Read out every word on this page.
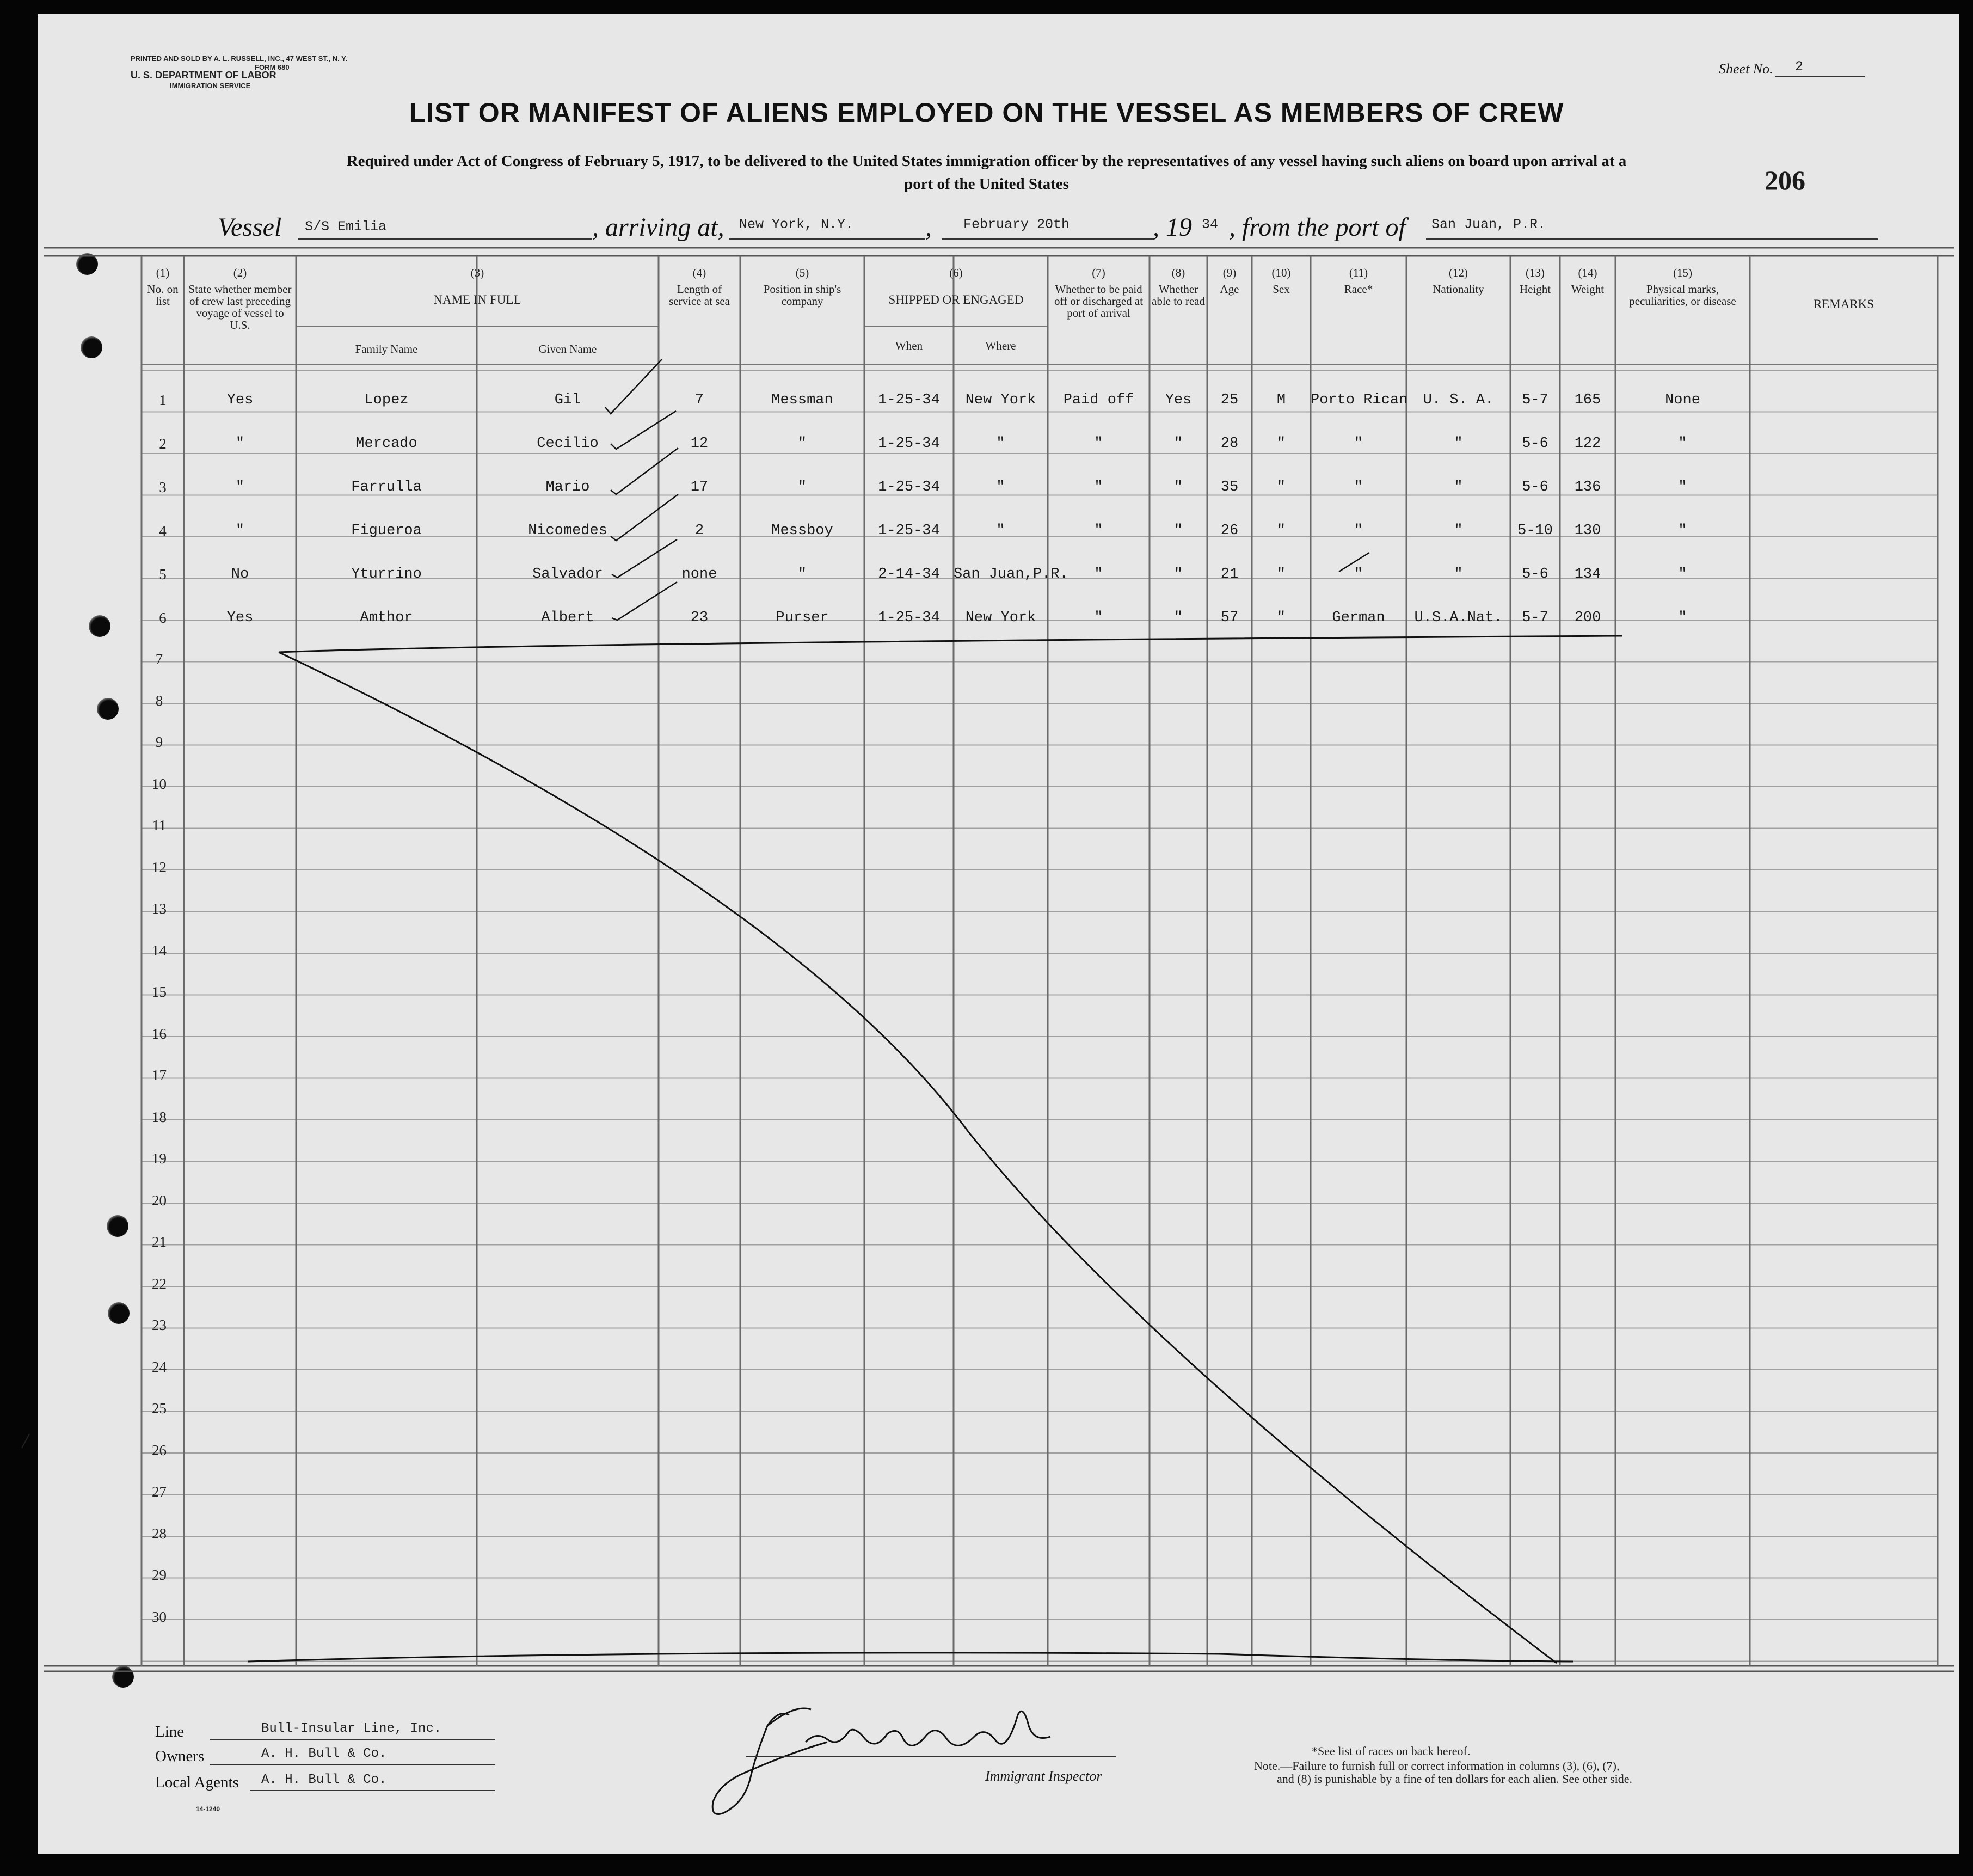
PRINTED AND SOLD BY A. L. RUSSELL, INC., 47 WEST ST., N. Y.
FORM 680
U. S. DEPARTMENT OF LABOR
IMMIGRATION SERVICE
Sheet No. 2
LIST OR MANIFEST OF ALIENS EMPLOYED ON THE VESSEL AS MEMBERS OF CREW
Required under Act of Congress of February 5, 1917, to be delivered to the United States immigration officer by the representatives of any vessel having such aliens on board upon arrival at a
port of the United States	206
Vessel S/S Emilia	, arriving at, New York, N.Y.	, February 20th	, 19 34 , from the port of San Juan, P.R.
(1)
No. on list
(2)
State whether member of crew last preceding voyage of vessel to U.S.
(3)
NAME IN FULL
(4)
Length of service at sea
(5)
Position in ship's company
(6)
SHIPPED OR ENGAGED
(7)
Whether to be paid off or discharged at port of arrival
(8)
Whether able to read
(9)
Age
(10)
Sex
(11)
Race*
(12)
Nationality
(13)
Height
(14)
Weight
(15)
Physical marks, peculiarities, or disease	REMARKS
Family Name	Given Name	When	Where
1	Yes	Lopez	Gil	7	Messman	1-25-34	New York	Paid off	Yes	25	M	Porto Rican	U. S. A.	5-7	165	None
2	"	Mercado	Cecilio	12	"	1-25-34	"	"	"	28	"	"	"	5-6	122	"
3	"	Farrulla	Mario	17	"	1-25-34	"	"	"	35	"	"	"	5-6	136	"
4	"	Figueroa	Nicomedes	2	Messboy	1-25-34	"	"	"	26	"	"	"	5-10	130	"
5	No	Yturrino	Salvador	none	"	2-14-34 San Juan,P.R.	"	"	21	"	"	"	5-6	134	"
6	Yes	Amthor	Albert	23	Purser	1-25-34	New York	"	"	57	"	German	U.S.A.Nat.	5-7	200	"
7
8
9
10
11
12
13
14
15
16
17
18
19
20
21
22
23
24
25
26
27
28
29
30
Line	Bull-Insular Line, Inc.
Owners	A. H. Bull & Co.
Local Agents A. H. Bull & Co.
14-1240
Immigrant Inspector
*See list of races on back hereof.
Note.—Failure to furnish full or correct information in columns (3), (6), (7),
and (8) is punishable by a fine of ten dollars for each alien. See other side.
